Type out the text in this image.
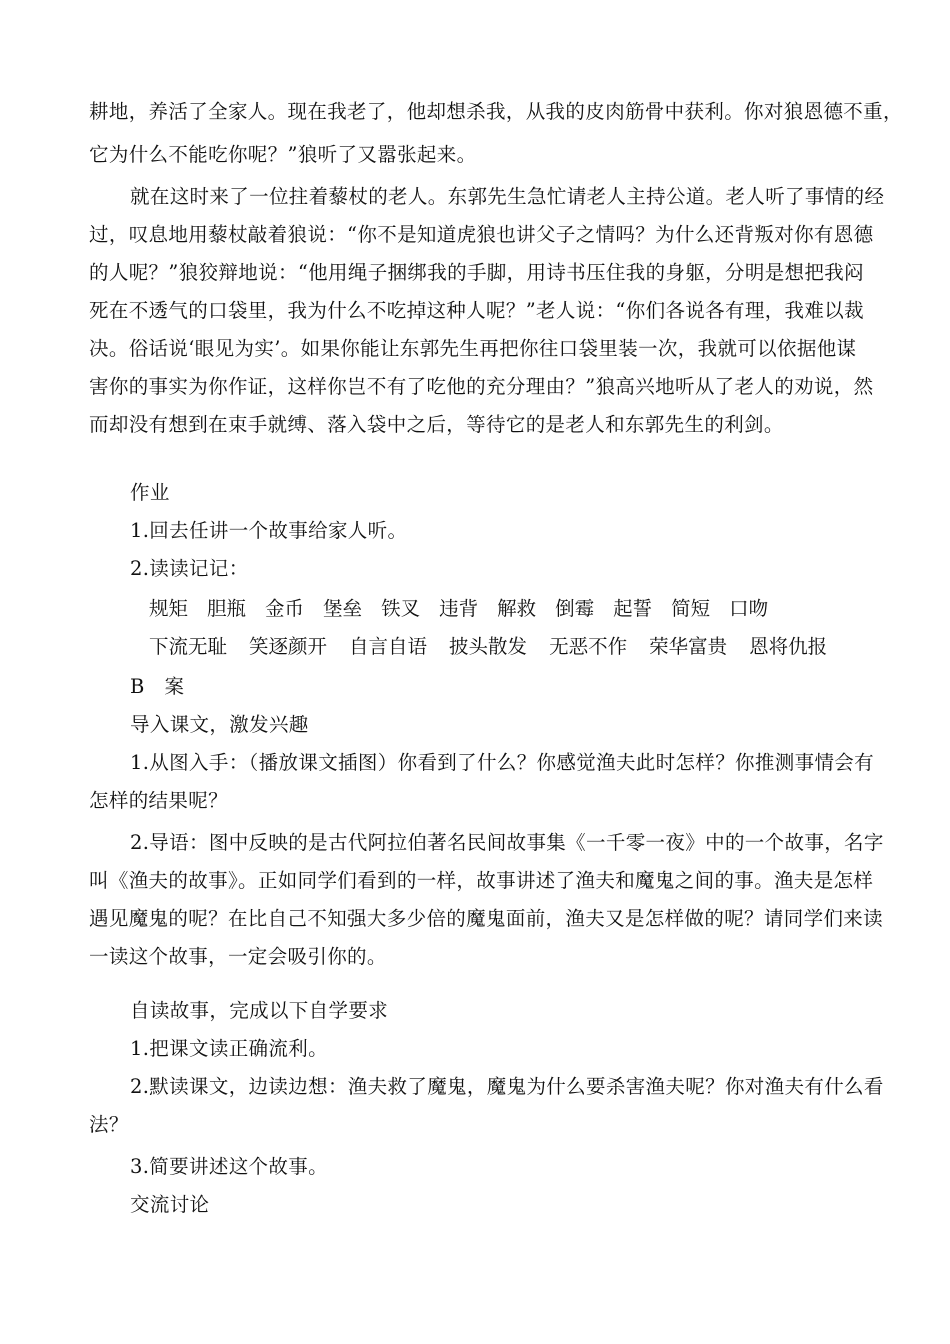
耕地，养活了全家人。现在我老了，他却想杀我，从我的皮肉筋骨中获利。你对狼恩德不重，
它为什么不能吃你呢？”狼听了又嚣张起来。
就在这时来了一位拄着藜杖的老人。东郭先生急忙请老人主持公道。老人听了事情的经
过，叹息地用藜杖敲着狼说：“你不是知道虎狼也讲父子之情吗？为什么还背叛对你有恩德
的人呢？”狼狡辩地说：“他用绳子捆绑我的手脚，用诗书压住我的身躯，分明是想把我闷
死在不透气的口袋里，我为什么不吃掉这种人呢？”老人说：“你们各说各有理，我难以裁
决。俗话说‘眼见为实’。如果你能让东郭先生再把你往口袋里装一次，我就可以依据他谋
害你的事实为你作证，这样你岂不有了吃他的充分理由？”狼高兴地听从了老人的劝说，然
而却没有想到在束手就缚、落入袋中之后，等待它的是老人和东郭先生的利剑。
作业
1.回去任讲一个故事给家人听。
2.读读记记：
规矩 胆瓶 金币 堡垒 铁叉 违背 解救 倒霉 起誓 简短 口吻
下流无耻 笑逐颜开 自言自语 披头散发 无恶不作 荣华富贵 恩将仇报
B　案
导入课文，激发兴趣
1.从图入手：（播放课文插图）你看到了什么？你感觉渔夫此时怎样？你推测事情会有
怎样的结果呢？
2.导语：图中反映的是古代阿拉伯著名民间故事集《一千零一夜》中的一个故事，名字
叫《渔夫的故事》。正如同学们看到的一样，故事讲述了渔夫和魔鬼之间的事。渔夫是怎样
遇见魔鬼的呢？在比自己不知强大多少倍的魔鬼面前，渔夫又是怎样做的呢？请同学们来读
一读这个故事，一定会吸引你的。
自读故事，完成以下自学要求
1.把课文读正确流利。
2.默读课文，边读边想：渔夫救了魔鬼，魔鬼为什么要杀害渔夫呢？你对渔夫有什么看
法？
3.简要讲述这个故事。
交流讨论
